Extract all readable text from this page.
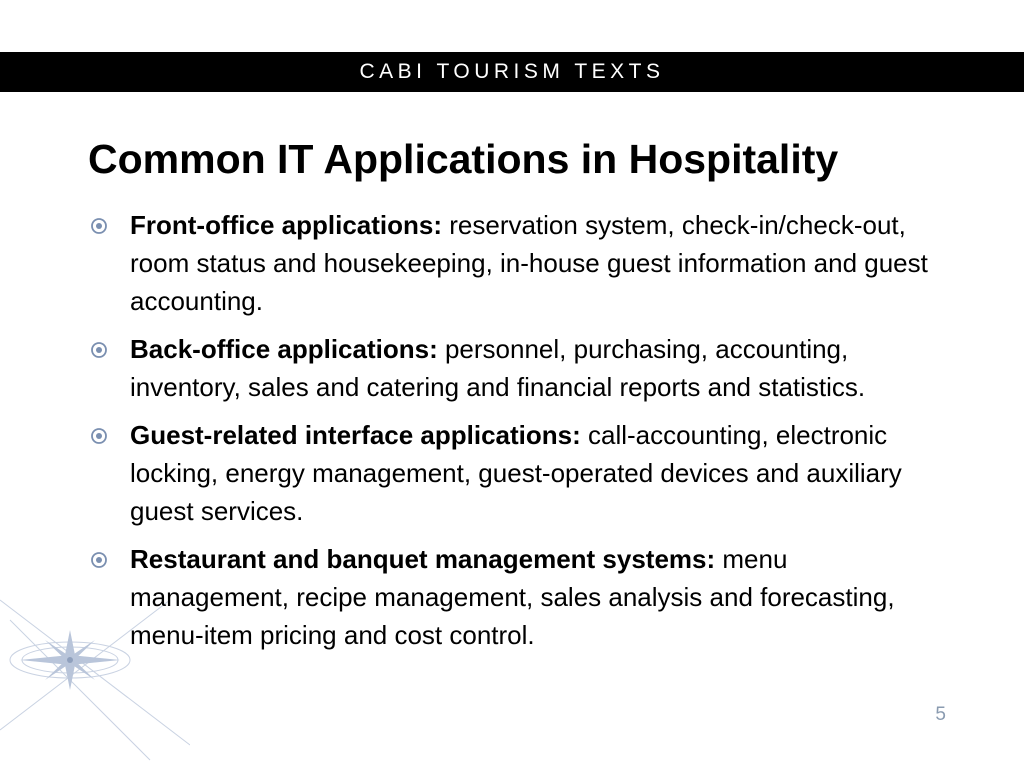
CABI TOURISM TEXTS
Common IT Applications in Hospitality
Front-office applications: reservation system, check-in/check-out, room status and housekeeping, in-house guest information and guest accounting.
Back-office applications: personnel, purchasing, accounting, inventory, sales and catering and financial reports and statistics.
Guest-related interface applications: call-accounting, electronic locking, energy management, guest-operated devices and auxiliary guest services.
Restaurant and banquet management systems: menu management, recipe management, sales analysis and forecasting, menu-item pricing and cost control.
5
